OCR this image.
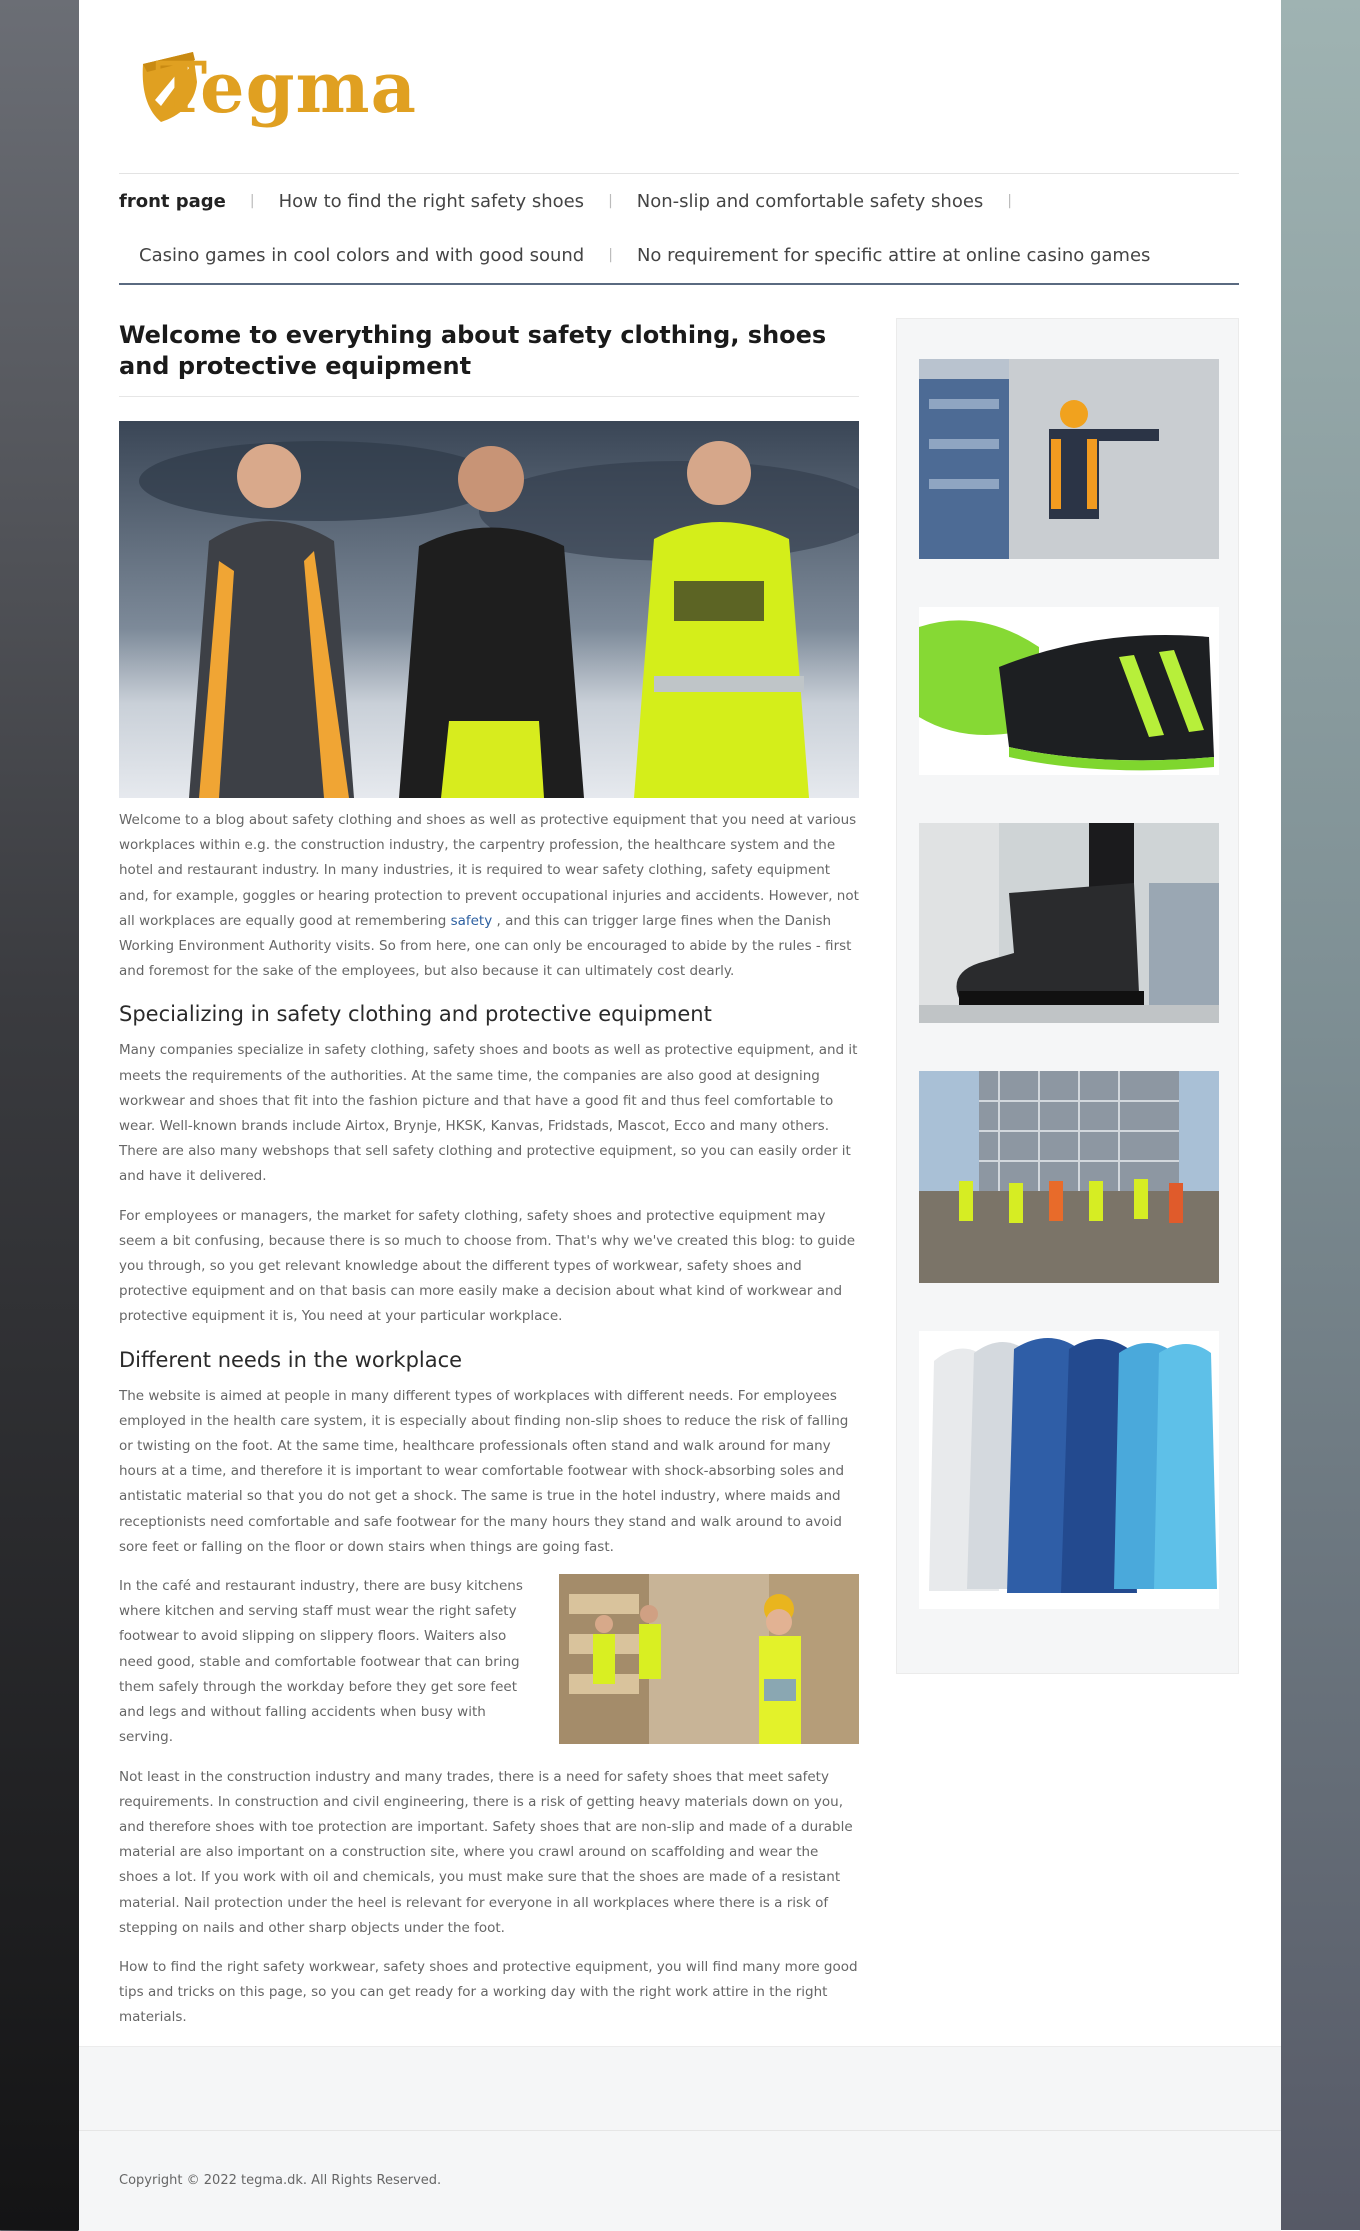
Tegma
front page | How to find the right safety shoes | Non-slip and comfortable safety shoes |
Casino games in cool colors and with good sound | No requirement for specific attire at online casino games
Welcome to everything about safety clothing, shoes and protective equipment

Welcome to a blog about safety clothing and shoes as well as protective equipment that you need at various workplaces within e.g. the construction industry, the carpentry profession, the healthcare system and the hotel and restaurant industry. In many industries, it is required to wear safety clothing, safety equipment and, for example, goggles or hearing protection to prevent occupational injuries and accidents. However, not all workplaces are equally good at remembering safety , and this can trigger large fines when the Danish Working Environment Authority visits. So from here, one can only be encouraged to abide by the rules - first and foremost for the sake of the employees, but also because it can ultimately cost dearly.

Specializing in safety clothing and protective equipment

Many companies specialize in safety clothing, safety shoes and boots as well as protective equipment, and it meets the requirements of the authorities. At the same time, the companies are also good at designing workwear and shoes that fit into the fashion picture and that have a good fit and thus feel comfortable to wear. Well-known brands include Airtox, Brynje, HKSK, Kanvas, Fridstads, Mascot, Ecco and many others. There are also many webshops that sell safety clothing and protective equipment, so you can easily order it and have it delivered.

For employees or managers, the market for safety clothing, safety shoes and protective equipment may seem a bit confusing, because there is so much to choose from. That's why we've created this blog: to guide you through, so you get relevant knowledge about the different types of workwear, safety shoes and protective equipment and on that basis can more easily make a decision about what kind of workwear and protective equipment it is, You need at your particular workplace.

Different needs in the workplace

The website is aimed at people in many different types of workplaces with different needs. For employees employed in the health care system, it is especially about finding non-slip shoes to reduce the risk of falling or twisting on the foot. At the same time, healthcare professionals often stand and walk around for many hours at a time, and therefore it is important to wear comfortable footwear with shock-absorbing soles and antistatic material so that you do not get a shock. The same is true in the hotel industry, where maids and receptionists need comfortable and safe footwear for the many hours they stand and walk around to avoid sore feet or falling on the floor or down stairs when things are going fast.

In the café and restaurant industry, there are busy kitchens where kitchen and serving staff must wear the right safety footwear to avoid slipping on slippery floors. Waiters also need good, stable and comfortable footwear that can bring them safely through the workday before they get sore feet and legs and without falling accidents when busy with serving.

Not least in the construction industry and many trades, there is a need for safety shoes that meet safety requirements. In construction and civil engineering, there is a risk of getting heavy materials down on you, and therefore shoes with toe protection are important. Safety shoes that are non-slip and made of a durable material are also important on a construction site, where you crawl around on scaffolding and wear the shoes a lot. If you work with oil and chemicals, you must make sure that the shoes are made of a resistant material. Nail protection under the heel is relevant for everyone in all workplaces where there is a risk of stepping on nails and other sharp objects under the foot.

How to find the right safety workwear, safety shoes and protective equipment, you will find many more good tips and tricks on this page, so you can get ready for a working day with the right work attire in the right materials.

Copyright © 2022 tegma.dk. All Rights Reserved.
